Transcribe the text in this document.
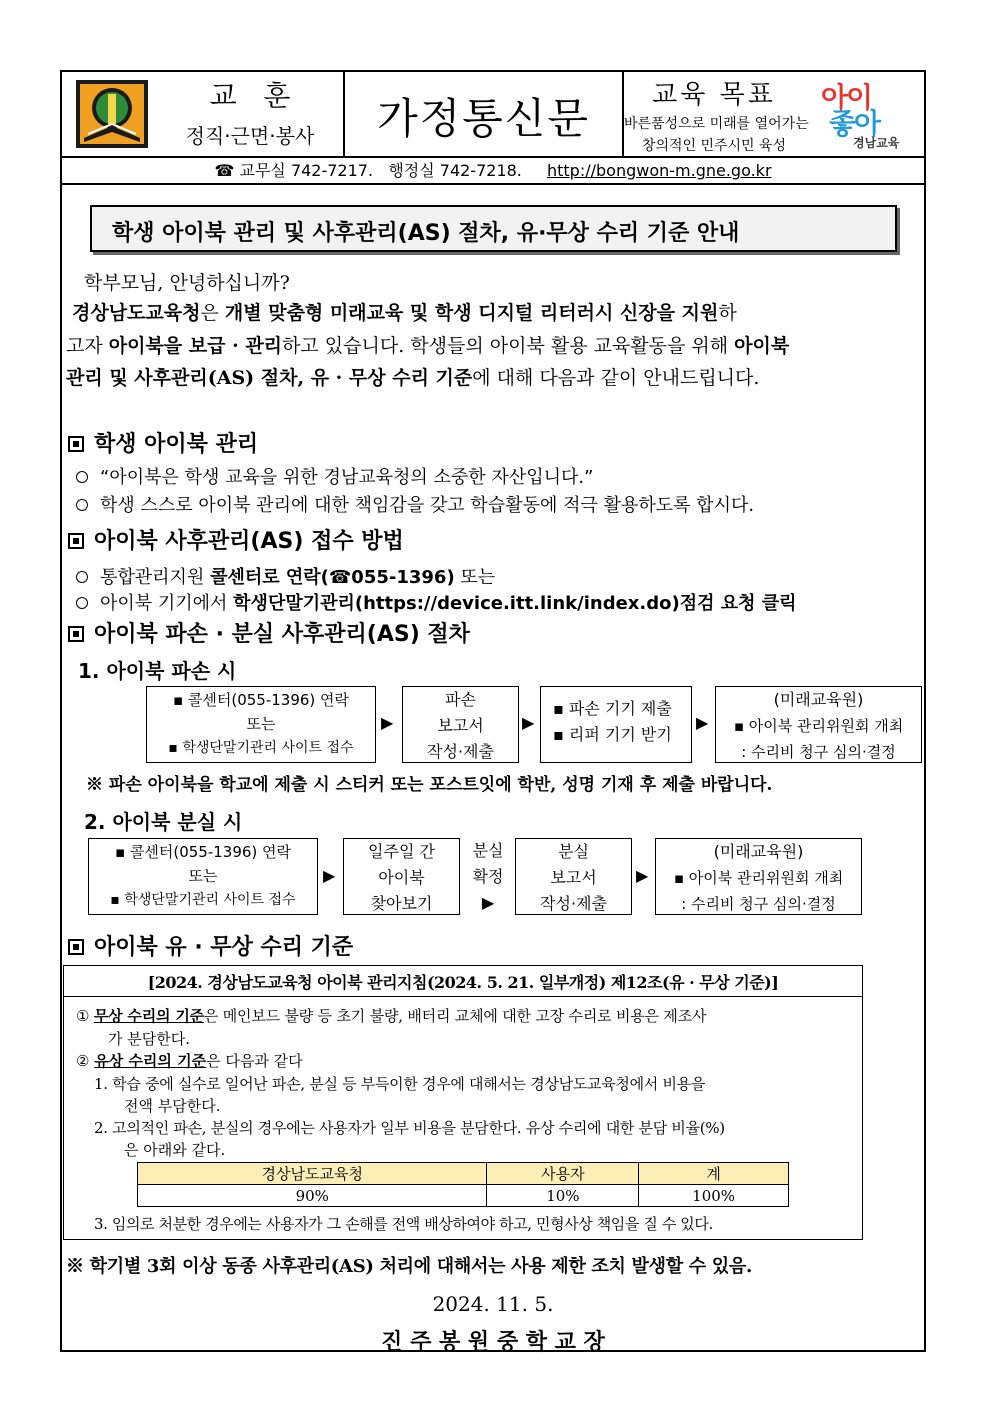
교   훈
정직·근면·봉사	가정통신문	교육 목표
바른품성으로 미래를 열어가는
창의적인 민주시민 육성
아이
좋아
경남교육
☎ 교무실 742-7217.   행정실 742-7218. http://bongwon-m.gne.go.kr
학생 아이북 관리 및 사후관리(AS) 절차, 유·무상 수리 기준 안내
학부모님, 안녕하십니까?
경상남도교육청은 개별 맞춤형 미래교육 및 학생 디지털 리터러시 신장을 지원하
고자 아이북을 보급 · 관리하고 있습니다. 학생들의 아이북 활용 교육활동을 위해 아이북
관리 및 사후관리(AS) 절차, 유 · 무상 수리 기준에 대해 다음과 같이 안내드립니다.
학생 아이북 관리
“아이북은 학생 교육을 위한 경남교육청의 소중한 자산입니다.”
학생 스스로 아이북 관리에 대한 책임감을 갖고 학습활동에 적극 활용하도록 합시다.
아이북 사후관리(AS) 접수 방법
통합관리지원 콜센터로 연락(☎055-1396) 또는
아이북 기기에서 학생단말기관리(https://device.itt.link/index.do)점검 요청 클릭
아이북 파손 · 분실 사후관리(AS) 절차
1. 아이북 파손 시
▪ 콜센터(055-1396) 연락
또는
▪ 학생단말기관리 사이트 접수
▶
파손
보고서
작성·제출
▶
▪ 파손 기기 제출
▪ 리퍼 기기 받기
▶
(미래교육원)
▪ 아이북 관리위원회 개최
: 수리비 청구 심의·결정
※ 파손 아이북을 학교에 제출 시 스티커 또는 포스트잇에 학반, 성명 기재 후 제출 바랍니다.
2. 아이북 분실 시
▪ 콜센터(055-1396) 연락
또는
▪ 학생단말기관리 사이트 접수
▶
일주일 간
아이북
찾아보기
분실
확정
▶
분실
보고서
작성·제출
▶
(미래교육원)
▪ 아이북 관리위원회 개최
: 수리비 청구 심의·결정
아이북 유 · 무상 수리 기준
[2024. 경상남도교육청 아이북 관리지침(2024. 5. 21. 일부개정) 제12조(유 · 무상 기준)]
① 무상 수리의 기준은 메인보드 불량 등 초기 불량, 배터리 교체에 대한 고장 수리로 비용은 제조사
가 분담한다.
② 유상 수리의 기준은 다음과 같다
1. 학습 중에 실수로 일어난 파손, 분실 등 부득이한 경우에 대해서는 경상남도교육청에서 비용을
전액 부담한다.
2. 고의적인 파손, 분실의 경우에는 사용자가 일부 비용을 분담한다. 유상 수리에 대한 분담 비율(%)
은 아래와 같다.
경상남도교육청	사용자	계
90%	10%	100%
3. 임의로 처분한 경우에는 사용자가 그 손해를 전액 배상하여야 하고, 민형사상 책임을 질 수 있다.
※ 학기별 3회 이상 동종 사후관리(AS) 처리에 대해서는 사용 제한 조치 발생할 수 있음.
2024. 11. 5.
진 주 봉 원 중 학 교 장
